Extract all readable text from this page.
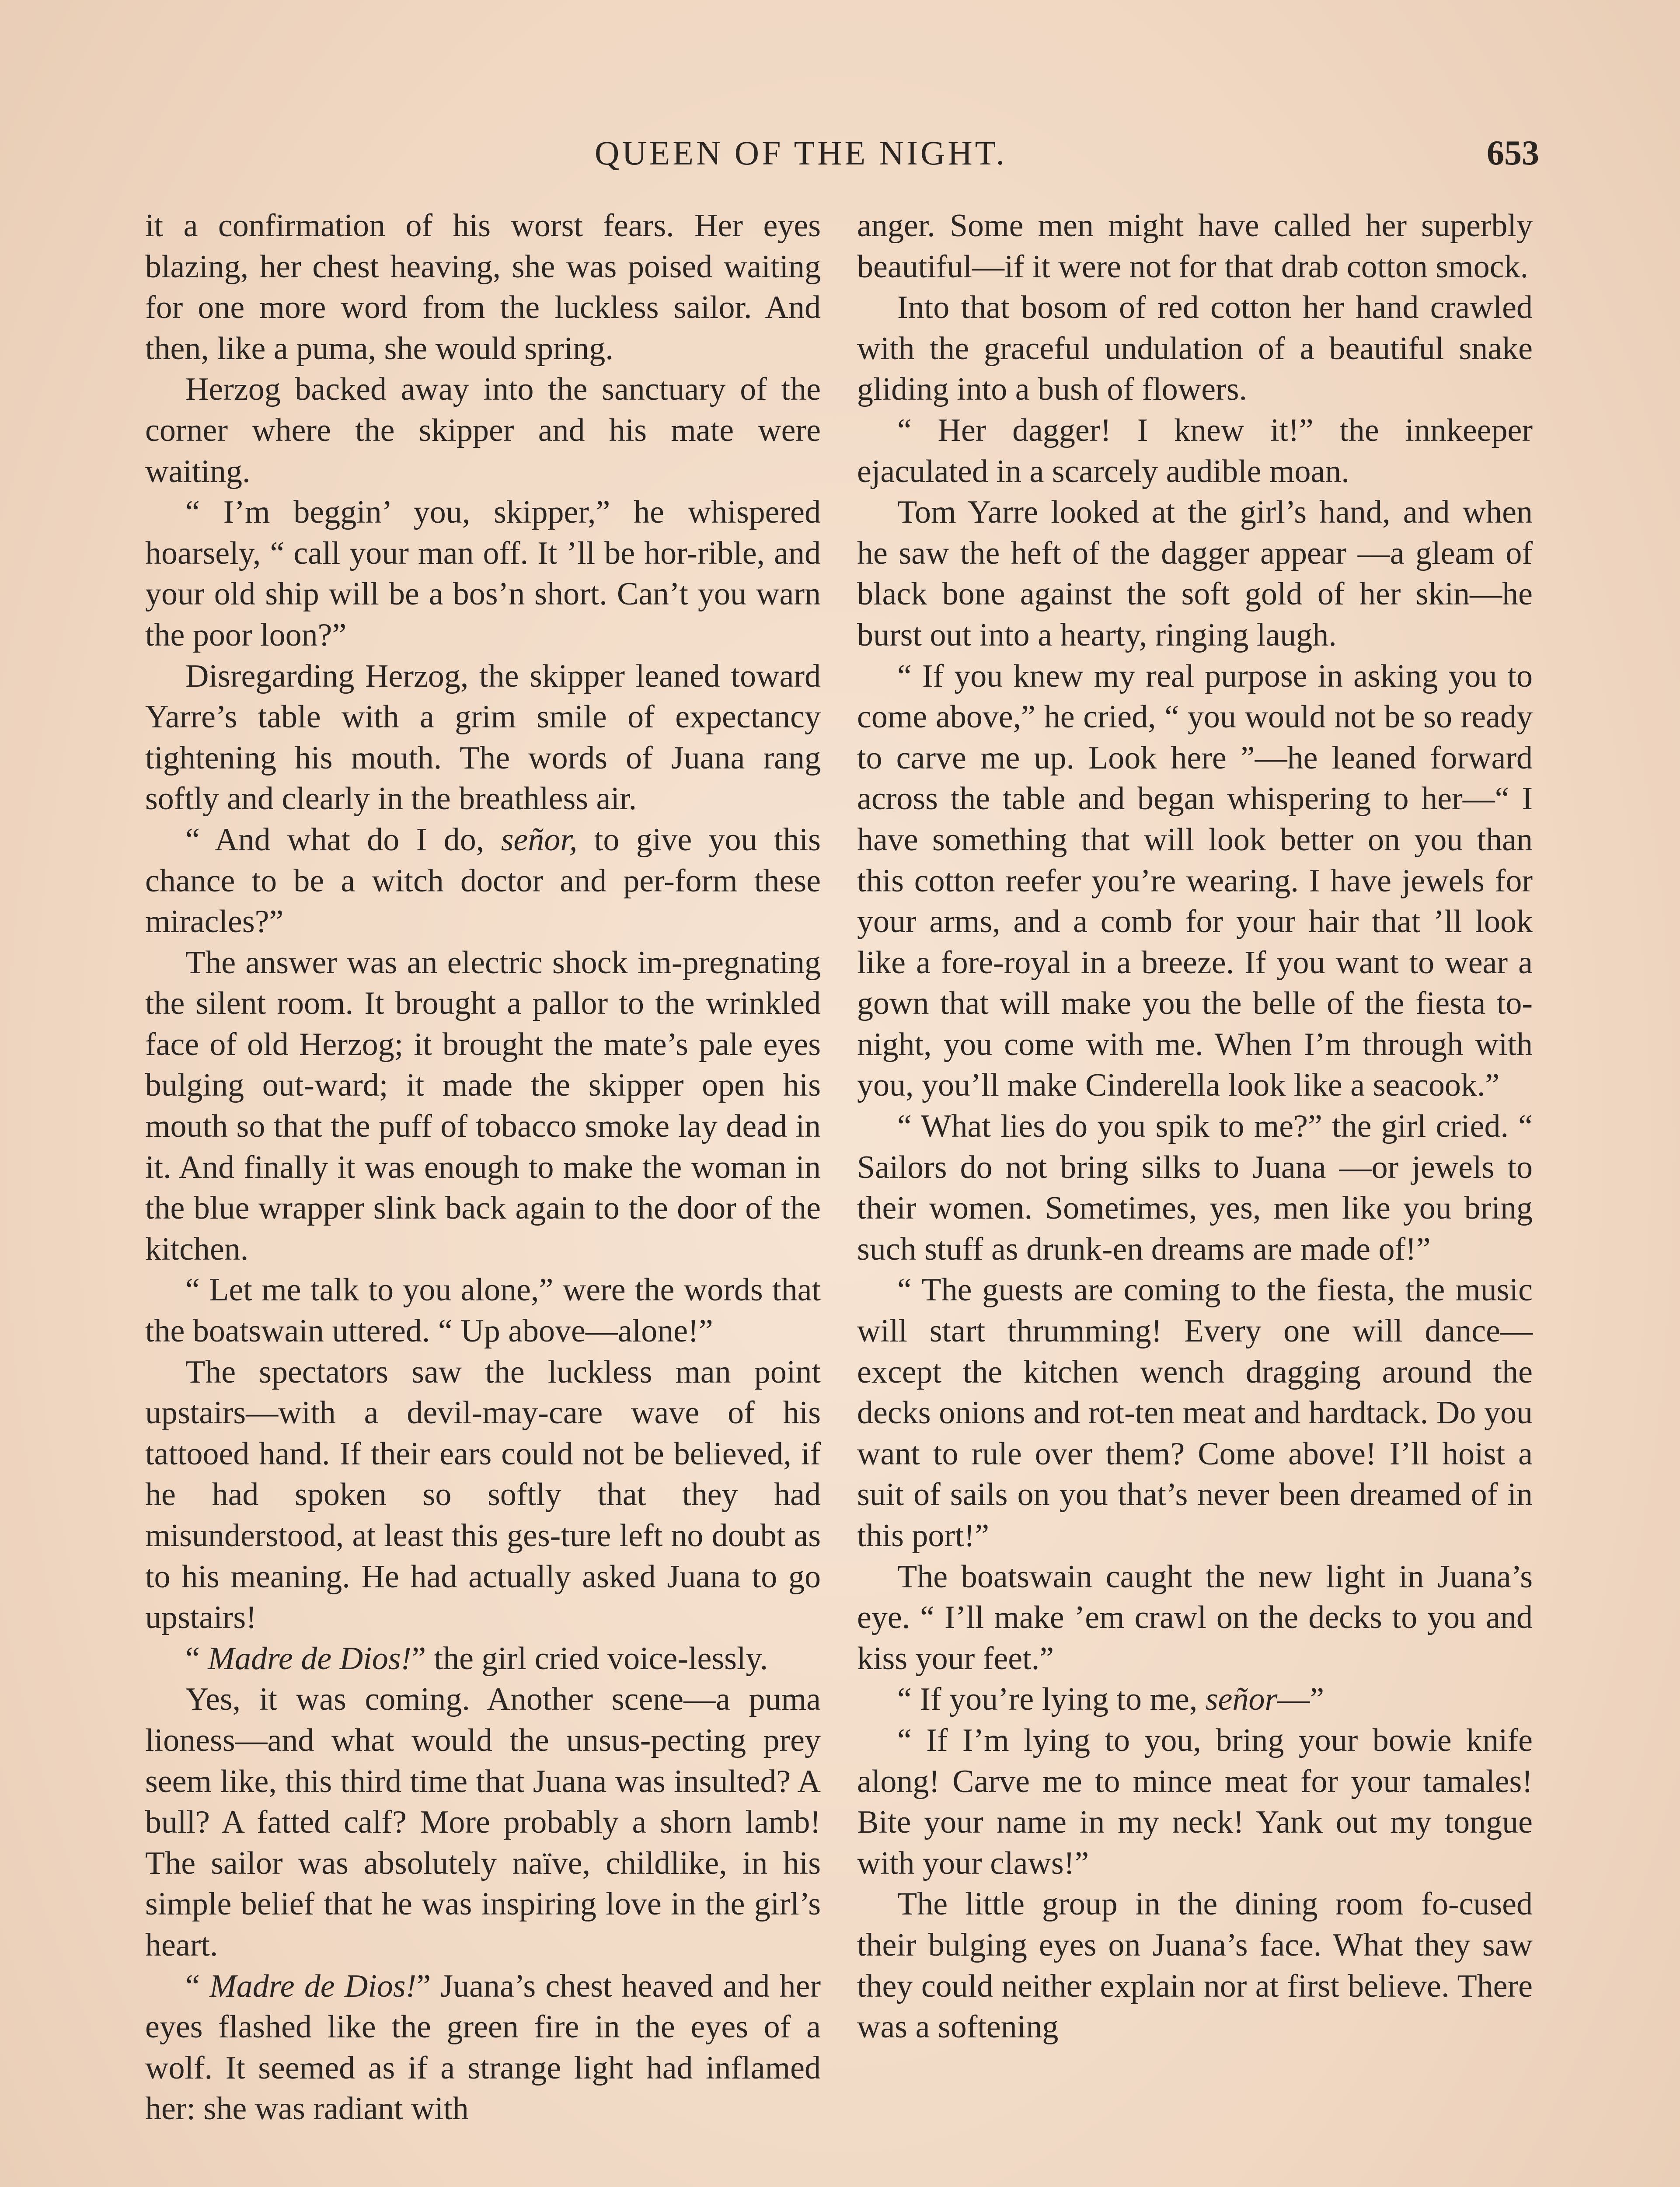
QUEEN OF THE NIGHT.	653

it a confirmation of his worst fears. Her eyes blazing, her chest heaving, she was poised waiting for one more word from the luckless sailor. And then, like a puma, she would spring.

Herzog backed away into the sanctuary of the corner where the skipper and his mate were waiting.

“ I’m beggin’ you, skipper,” he whispered hoarsely, “ call your man off. It ’ll be hor-rible, and your old ship will be a bos’n short. Can’t you warn the poor loon?”

Disregarding Herzog, the skipper leaned toward Yarre’s table with a grim smile of expectancy tightening his mouth. The words of Juana rang softly and clearly in the breathless air.

“ And what do I do, señor, to give you this chance to be a witch doctor and per-form these miracles?”

The answer was an electric shock im-pregnating the silent room. It brought a pallor to the wrinkled face of old Herzog; it brought the mate’s pale eyes bulging out-ward; it made the skipper open his mouth so that the puff of tobacco smoke lay dead in it. And finally it was enough to make the woman in the blue wrapper slink back again to the door of the kitchen.

“ Let me talk to you alone,” were the words that the boatswain uttered. “ Up above—alone!”

The spectators saw the luckless man point upstairs—with a devil-may-care wave of his tattooed hand. If their ears could not be believed, if he had spoken so softly that they had misunderstood, at least this ges-ture left no doubt as to his meaning. He had actually asked Juana to go upstairs!

“ Madre de Dios!” the girl cried voice-lessly.

Yes, it was coming. Another scene—a puma lioness—and what would the unsus-pecting prey seem like, this third time that Juana was insulted? A bull? A fatted calf? More probably a shorn lamb! The sailor was absolutely naïve, childlike, in his simple belief that he was inspiring love in the girl’s heart.

“ Madre de Dios!” Juana’s chest heaved and her eyes flashed like the green fire in the eyes of a wolf. It seemed as if a strange light had inflamed her: she was radiant with

anger. Some men might have called her superbly beautiful—if it were not for that drab cotton smock.

Into that bosom of red cotton her hand crawled with the graceful undulation of a beautiful snake gliding into a bush of flowers.

“ Her dagger! I knew it!” the innkeeper ejaculated in a scarcely audible moan.

Tom Yarre looked at the girl’s hand, and when he saw the heft of the dagger appear —a gleam of black bone against the soft gold of her skin—he burst out into a hearty, ringing laugh.

“ If you knew my real purpose in asking you to come above,” he cried, “ you would not be so ready to carve me up. Look here ”—he leaned forward across the table and began whispering to her—“ I have something that will look better on you than this cotton reefer you’re wearing. I have jewels for your arms, and a comb for your hair that ’ll look like a fore-royal in a breeze. If you want to wear a gown that will make you the belle of the fiesta to-night, you come with me. When I’m through with you, you’ll make Cinderella look like a seacook.”

“ What lies do you spik to me?” the girl cried. “ Sailors do not bring silks to Juana —or jewels to their women. Sometimes, yes, men like you bring such stuff as drunk-en dreams are made of!”

“ The guests are coming to the fiesta, the music will start thrumming! Every one will dance—except the kitchen wench dragging around the decks onions and rot-ten meat and hardtack. Do you want to rule over them? Come above! I’ll hoist a suit of sails on you that’s never been dreamed of in this port!”

The boatswain caught the new light in Juana’s eye. “ I’ll make ’em crawl on the decks to you and kiss your feet.”

“ If you’re lying to me, señor—”

“ If I’m lying to you, bring your bowie knife along! Carve me to mince meat for your tamales! Bite your name in my neck! Yank out my tongue with your claws!”

The little group in the dining room fo-cused their bulging eyes on Juana’s face. What they saw they could neither explain nor at first believe. There was a softening
